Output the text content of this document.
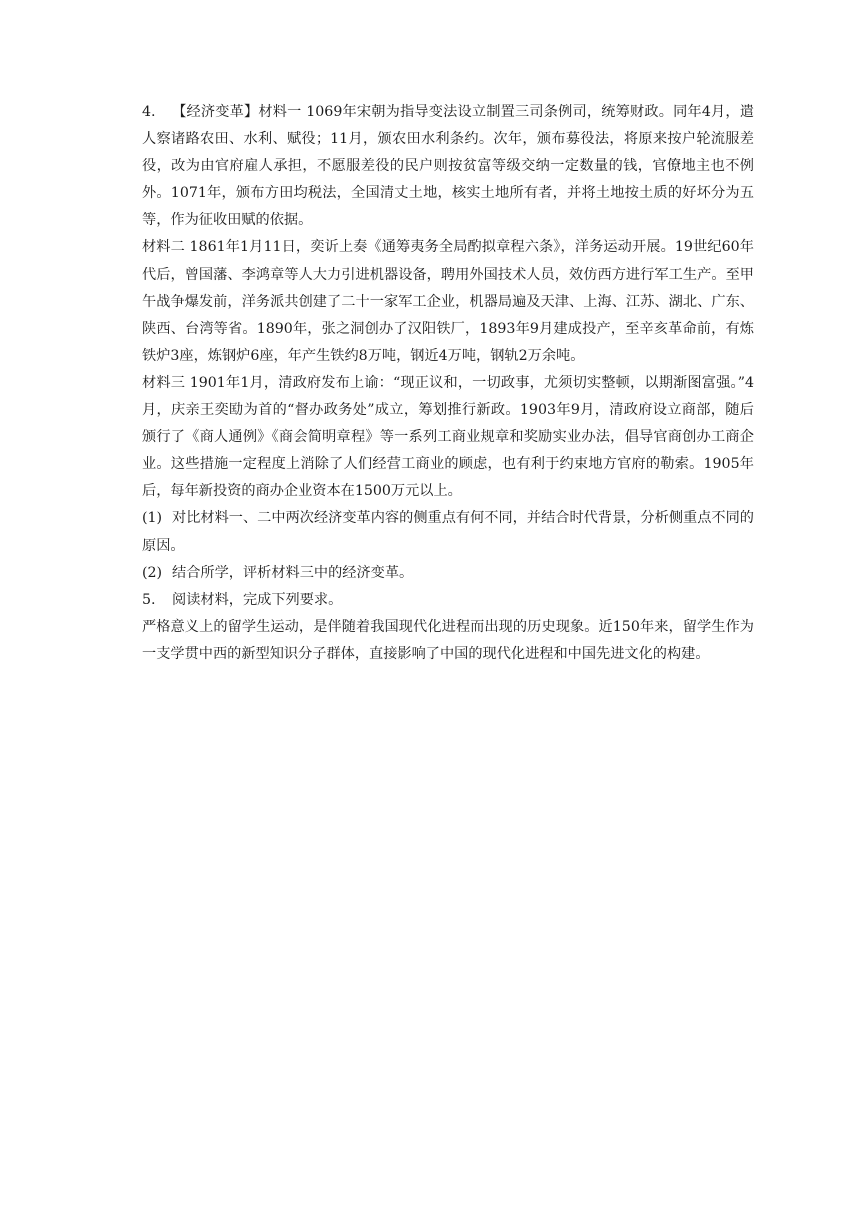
4. 【经济变革】材料一 1069年宋朝为指导变法设立制置三司条例司，统筹财政。同年4月，遣人察诸路农田、水利、赋役；11月，颁农田水利条约。次年，颁布募役法，将原来按户轮流服差役，改为由官府雇人承担，不愿服差役的民户则按贫富等级交纳一定数量的钱，官僚地主也不例外。1071年，颁布方田均税法，全国清丈土地，核实土地所有者，并将土地按土质的好坏分为五等，作为征收田赋的依据。

材料二 1861年1月11日，奕䜣上奏《通筹夷务全局酌拟章程六条》，洋务运动开展。19世纪60年代后，曾国藩、李鸿章等人大力引进机器设备，聘用外国技术人员，效仿西方进行军工生产。至甲午战争爆发前，洋务派共创建了二十一家军工企业，机器局遍及天津、上海、江苏、湖北、广东、陕西、台湾等省。1890年，张之洞创办了汉阳铁厂，1893年9月建成投产，至辛亥革命前，有炼铁炉3座，炼钢炉6座，年产生铁约8万吨，钢近4万吨，钢轨2万余吨。

材料三 1901年1月，清政府发布上谕：“现正议和，一切政事，尤须切实整顿，以期渐图富强。”4月，庆亲王奕劻为首的“督办政务处”成立，筹划推行新政。1903年9月，清政府设立商部，随后颁行了《商人通例》《商会简明章程》等一系列工商业规章和奖励实业办法，倡导官商创办工商企业。这些措施一定程度上消除了人们经营工商业的顾虑，也有利于约束地方官府的勒索。1905年后，每年新投资的商办企业资本在1500万元以上。

(1) 对比材料一、二中两次经济变革内容的侧重点有何不同，并结合时代背景，分析侧重点不同的原因。

(2) 结合所学，评析材料三中的经济变革。

5. 阅读材料，完成下列要求。

严格意义上的留学生运动，是伴随着我国现代化进程而出现的历史现象。近150年来，留学生作为一支学贯中西的新型知识分子群体，直接影响了中国的现代化进程和中国先进文化的构建。
